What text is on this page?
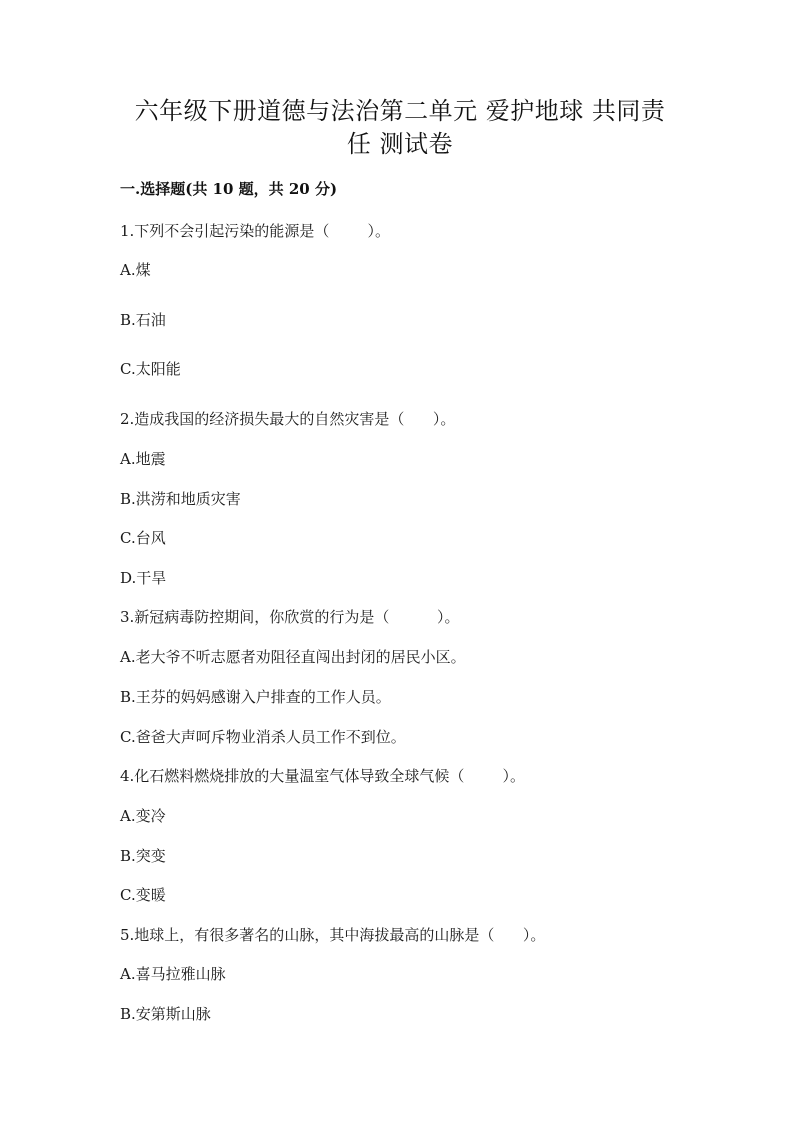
六年级下册道德与法治第二单元 爱护地球 共同责
任 测试卷
一.选择题(共 10 题，共 20 分)
1.下列不会引起污染的能源是（        ）。
A.煤
B.石油
C.太阳能
2.造成我国的经济损失最大的自然灾害是（      ）。
A.地震
B.洪涝和地质灾害
C.台风
D.干旱
3.新冠病毒防控期间，你欣赏的行为是（          ）。
A.老大爷不听志愿者劝阻径直闯出封闭的居民小区。
B.王芬的妈妈感谢入户排查的工作人员。
C.爸爸大声呵斥物业消杀人员工作不到位。
4.化石燃料燃烧排放的大量温室气体导致全球气候（        ）。
A.变冷
B.突变
C.变暖
5.地球上，有很多著名的山脉，其中海拔最高的山脉是（      ）。
A.喜马拉雅山脉
B.安第斯山脉
